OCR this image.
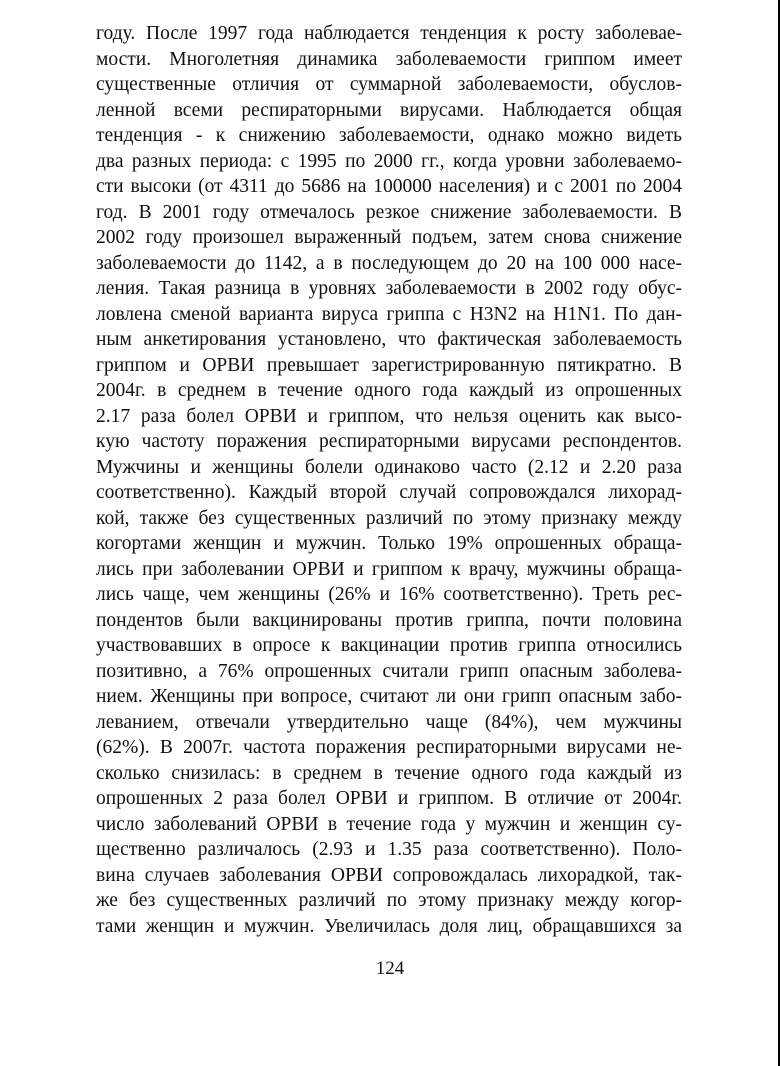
году. После 1997 года наблюдается тенденция к росту заболевае-
мости. Многолетняя динамика заболеваемости гриппом имеет
существенные отличия от суммарной заболеваемости, обуслов-
ленной всеми респираторными вирусами. Наблюдается общая
тенденция - к снижению заболеваемости, однако можно видеть
два разных периода: с 1995 по 2000 гг., когда уровни заболеваемо-
сти высоки (от 4311 до 5686 на 100000 населения) и с 2001 по 2004
год. В 2001 году отмечалось резкое снижение заболеваемости. В
2002 году произошел выраженный подъем, затем снова снижение
заболеваемости до 1142, а в последующем до 20 на 100 000 насе-
ления. Такая разница в уровнях заболеваемости в 2002 году обус-
ловлена сменой варианта вируса гриппа с H3N2 на H1N1. По дан-
ным анкетирования установлено, что фактическая заболеваемость
гриппом и ОРВИ превышает зарегистрированную пятикратно. В
2004г. в среднем в течение одного года каждый из опрошенных
2.17 раза болел ОРВИ и гриппом, что нельзя оценить как высо-
кую частоту поражения респираторными вирусами респондентов.
Мужчины и женщины болели одинаково часто (2.12 и 2.20 раза
соответственно). Каждый второй случай сопровождался лихорад-
кой, также без существенных различий по этому признаку между
когортами женщин и мужчин. Только 19% опрошенных обраща-
лись при заболевании ОРВИ и гриппом к врачу, мужчины обраща-
лись чаще, чем женщины (26% и 16% соответственно). Треть рес-
пондентов были вакцинированы против гриппа, почти половина
участвовавших в опросе к вакцинации против гриппа относились
позитивно, а 76% опрошенных считали грипп опасным заболева-
нием. Женщины при вопросе, считают ли они грипп опасным забо-
леванием, отвечали утвердительно чаще (84%), чем мужчины
(62%). В 2007г. частота поражения респираторными вирусами не-
сколько снизилась: в среднем в течение одного года каждый из
опрошенных 2 раза болел ОРВИ и гриппом. В отличие от 2004г.
число заболеваний ОРВИ в течение года у мужчин и женщин су-
щественно различалось (2.93 и 1.35 раза соответственно). Поло-
вина случаев заболевания ОРВИ сопровождалась лихорадкой, так-
же без существенных различий по этому признаку между когор-
тами женщин и мужчин. Увеличилась доля лиц, обращавшихся за
124
